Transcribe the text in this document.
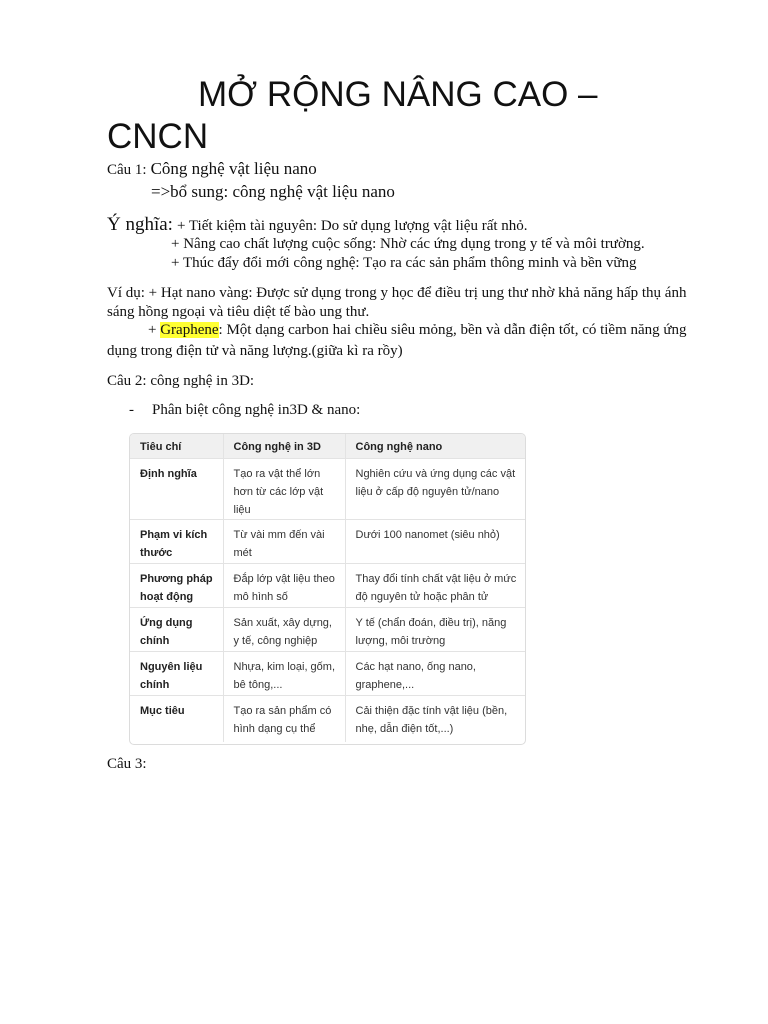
MỞ RỘNG NÂNG CAO –
CNCN
Câu 1: Công nghệ vật liệu nano
=>bổ sung: công nghệ vật liệu nano
Ý nghĩa: + Tiết kiệm tài nguyên: Do sử dụng lượng vật liệu rất nhỏ.
+ Nâng cao chất lượng cuộc sống: Nhờ các ứng dụng trong y tế và môi trường.
+ Thúc đẩy đổi mới công nghệ: Tạo ra các sản phẩm thông minh và bền vững
Ví dụ: + Hạt nano vàng: Được sử dụng trong y học để điều trị ung thư nhờ khả năng hấp thụ ánh
sáng hồng ngoại và tiêu diệt tế bào ung thư.
+ Graphene: Một dạng carbon hai chiều siêu mỏng, bền và dẫn điện tốt, có tiềm năng ứng
dụng trong điện tử và năng lượng.(giữa kì ra rồy)
Câu 2: công nghệ in 3D:
- Phân biệt công nghệ in3D & nano:
Tiêu chí	Công nghệ in 3D	Công nghệ nano
Định nghĩa	Tạo ra vật thể lớn hơn từ các lớp vật liệu	Nghiên cứu và ứng dụng các vật liệu ở cấp độ nguyên tử/nano
Phạm vi kích thước	Từ vài mm đến vài mét	Dưới 100 nanomet (siêu nhỏ)
Phương pháp hoạt động	Đắp lớp vật liệu theo mô hình số	Thay đổi tính chất vật liệu ở mức độ nguyên tử hoặc phân tử
Ứng dụng chính	Sản xuất, xây dựng, y tế, công nghiệp	Y tế (chẩn đoán, điều trị), năng lượng, môi trường
Nguyên liệu chính	Nhựa, kim loại, gốm, bê tông,...	Các hạt nano, ống nano, graphene,...
Mục tiêu	Tạo ra sản phẩm có hình dạng cụ thể	Cải thiện đặc tính vật liệu (bền, nhẹ, dẫn điện tốt,...)
Câu 3:
